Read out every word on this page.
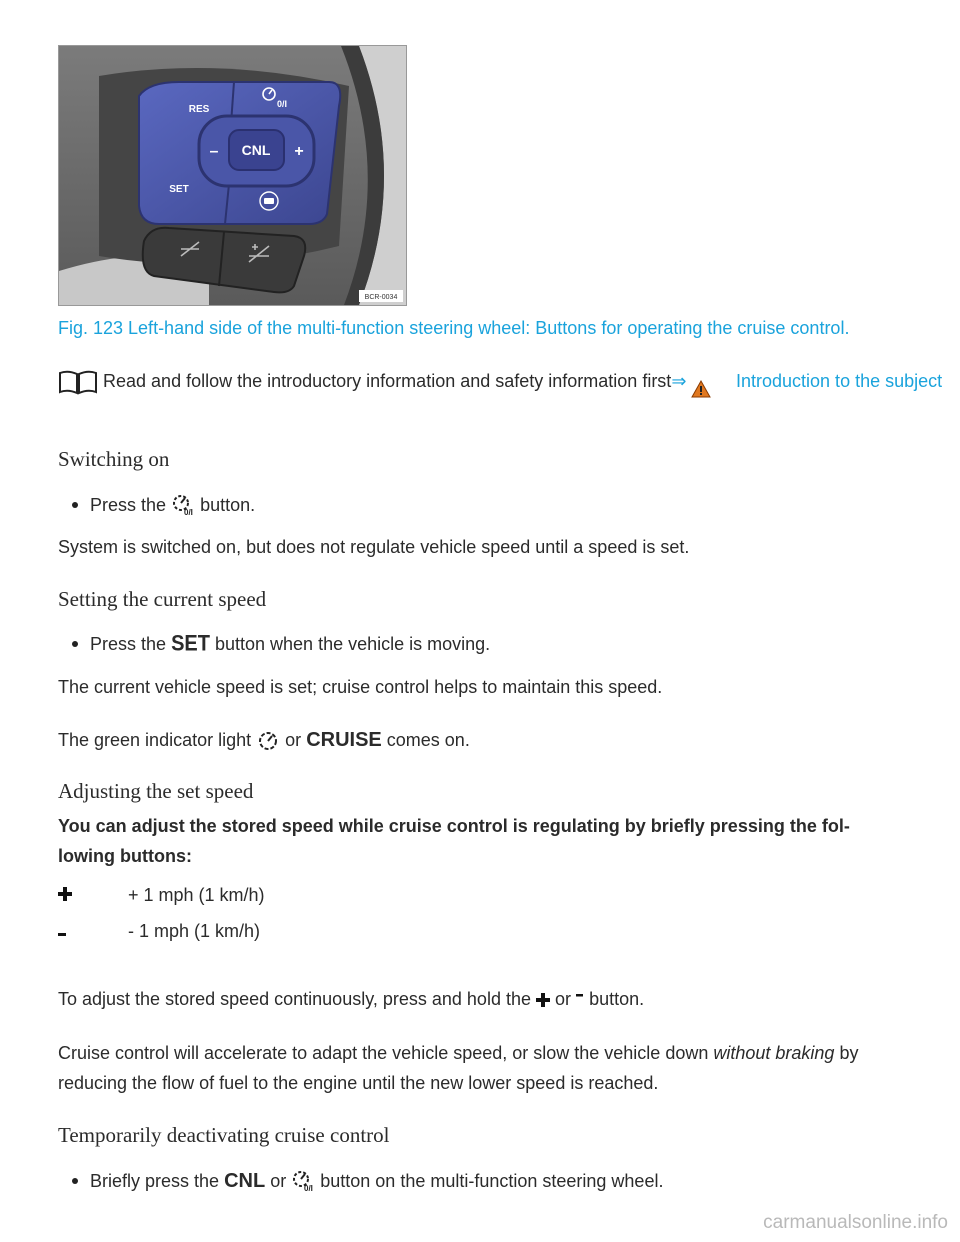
CNL
–	+
RES
SET
0/I
BCR-0034
Fig. 123 Left-hand side of the multi-function steering wheel: Buttons for operating the cruise control.
Read and follow the introductory information and safety information first⇒	Introduction to the subject
Switching on
Press the
0/I
button.
System is switched on, but does not regulate vehicle speed until a speed is set.
Setting the current speed
Press the
SET
button when the vehicle is moving.
The current vehicle speed is set; cruise control helps to maintain this speed.
The green indicator light or CRUISE comes on.
Adjusting the set speed
You can adjust the stored speed while cruise control is regulating by briefly pressing the fol-
lowing buttons:
+ 1 mph (1 km/h)
- 1 mph (1 km/h)
To adjust the stored speed continuously, press and hold the or button.
Cruise control will accelerate to adapt the vehicle speed, or slow the vehicle down without braking by
reducing the flow of fuel to the engine until the new lower speed is reached.
Temporarily deactivating cruise control
Briefly press the
CNL
or
0/I
button on the multi-function steering wheel.
carmanualsonline.info
